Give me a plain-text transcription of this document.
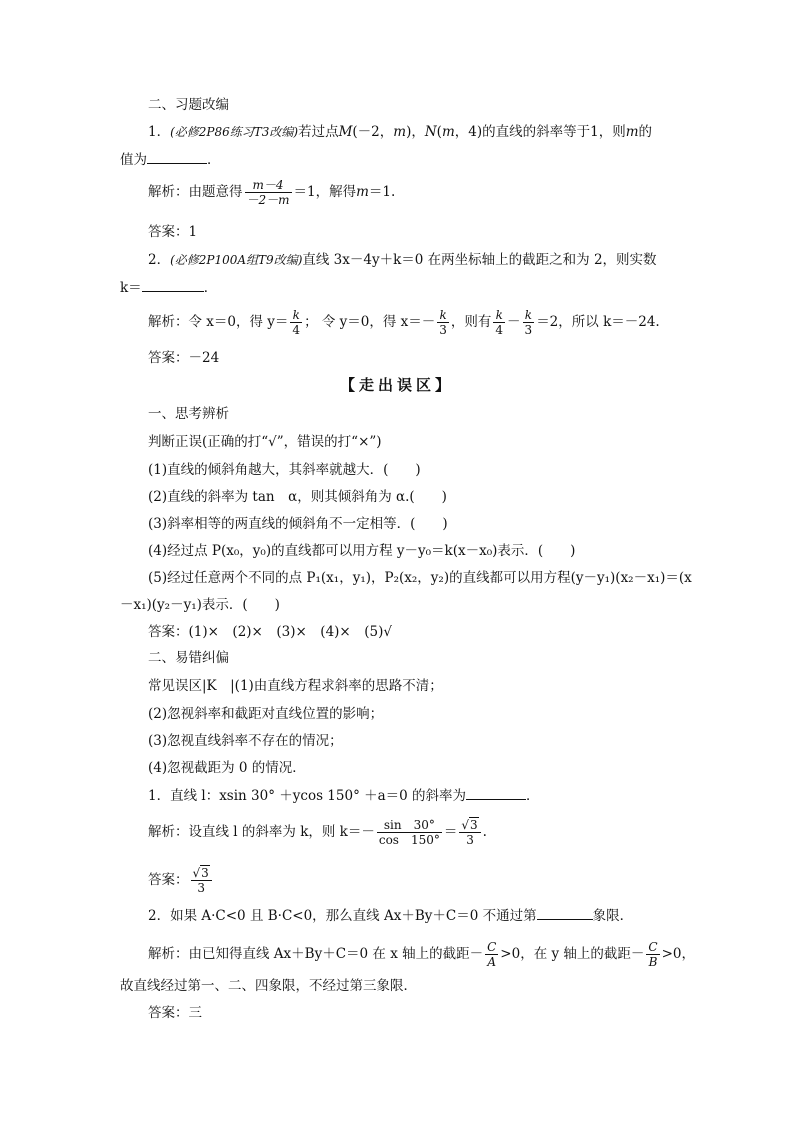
二、习题改编
1．(必修2P86练习T3改编)若过点M(－2，m)，N(m，4)的直线的斜率等于1，则m的
值为	．
解析：由题意得 $\frac{m-4}{-2-m} =1$，解得m＝1.
答案：1
2．(必修2P100A组T9改编)直线 3x－4y＋k＝0 在两坐标轴上的截距之和为 2，则实数
k＝	．
解析：令 x＝0，得 $y= \frac{k}{4}$ ； 令 y＝0，得 $x=- \frac{k}{3}$ ，则有 $\frac{k}{4} - \frac{k}{3} =2$，所以 k＝－24.
答案：－24
【走出误区】
一、思考辨析
判断正误(正确的打“√”，错误的打“×”)
(1)直线的倾斜角越大，其斜率就越大．(　　)
(2)直线的斜率为 tan　α，则其倾斜角为 α.(　　)
(3)斜率相等的两直线的倾斜角不一定相等．(　　)
(4)经过点 P(x₀，y₀)的直线都可以用方程 y－y₀＝k(x－x₀)表示．(　　)
(5)经过任意两个不同的点 P₁(x₁，y₁)，P₂(x₂，y₂)的直线都可以用方程(y－y₁)(x₂－x₁)＝(x
－x₁)(y₂－y₁)表示．(　　)
答案：(1)×　(2)×　(3)×　(4)×　(5)√
二、易错纠偏
常见误区|K　|(1)由直线方程求斜率的思路不清；
(2)忽视斜率和截距对直线位置的影响；
(3)忽视直线斜率不存在的情况；
(4)忽视截距为 0 的情况．
1．直线 l：xsin 30° ＋ycos 150° ＋a＝0 的斜率为	．
解析：设直线 l 的斜率为 k，则 $k=- \frac{\sin 30^\circ}{\cos 150^\circ} = \frac{√3}{3}$ .
答案： $\frac{√3}{3}$
2．如果 A·C<0 且 B·C<0，那么直线 Ax＋By＋C＝0 不通过第	象限．
解析：由已知得直线 Ax＋By＋C＝0 在 x 轴上的截距－ $\frac{C}{A} >0$，在 y 轴上的截距－ $\frac{C}{B} >0$，
故直线经过第一、二、四象限，不经过第三象限．
答案：三
